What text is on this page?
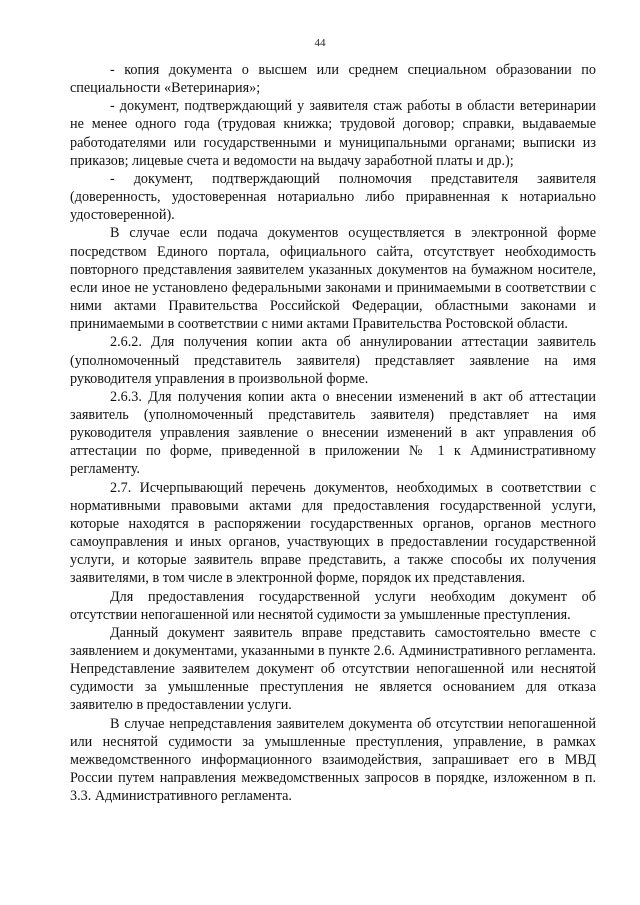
44

- копия документа о высшем или среднем специальном образовании по специальности «Ветеринария»;

- документ, подтверждающий у заявителя стаж работы в области ветеринарии не менее одного года (трудовая книжка; трудовой договор; справки, выдаваемые работодателями или государственными и муниципальными органами; выписки из приказов; лицевые счета и ведомости на выдачу заработной платы и др.);

- документ, подтверждающий полномочия представителя заявителя (доверенность, удостоверенная нотариально либо приравненная к нотариально удостоверенной).

В случае если подача документов осуществляется в электронной форме посредством Единого портала, официального сайта, отсутствует необходимость повторного представления заявителем указанных документов на бумажном носителе, если иное не установлено федеральными законами и принимаемыми в соответствии с ними актами Правительства Российской Федерации, областными законами и принимаемыми в соответствии с ними актами Правительства Ростовской области.

2.6.2. Для получения копии акта об аннулировании аттестации заявитель (уполномоченный представитель заявителя) представляет заявление на имя руководителя управления в произвольной форме.

2.6.3. Для получения копии акта о внесении изменений в акт об аттестации заявитель (уполномоченный представитель заявителя) представляет на имя руководителя управления заявление о внесении изменений в акт управления об аттестации по форме, приведенной в приложении № 1 к Административному регламенту.

2.7. Исчерпывающий перечень документов, необходимых в соответствии с нормативными правовыми актами для предоставления государственной услуги, которые находятся в распоряжении государственных органов, органов местного самоуправления и иных органов, участвующих в предоставлении государственной услуги, и которые заявитель вправе представить, а также способы их получения заявителями, в том числе в электронной форме, порядок их представления.

Для предоставления государственной услуги необходим документ об отсутствии непогашенной или неснятой судимости за умышленные преступления.

Данный документ заявитель вправе представить самостоятельно вместе с заявлением и документами, указанными в пункте 2.6. Административного регламента. Непредставление заявителем документ об отсутствии непогашенной или неснятой судимости за умышленные преступления не является основанием для отказа заявителю в предоставлении услуги.

В случае непредставления заявителем документа об отсутствии непогашенной или неснятой судимости за умышленные преступления, управление, в рамках межведомственного информационного взаимодействия, запрашивает его в МВД России путем направления межведомственных запросов в порядке, изложенном в п. 3.3. Административного регламента.
